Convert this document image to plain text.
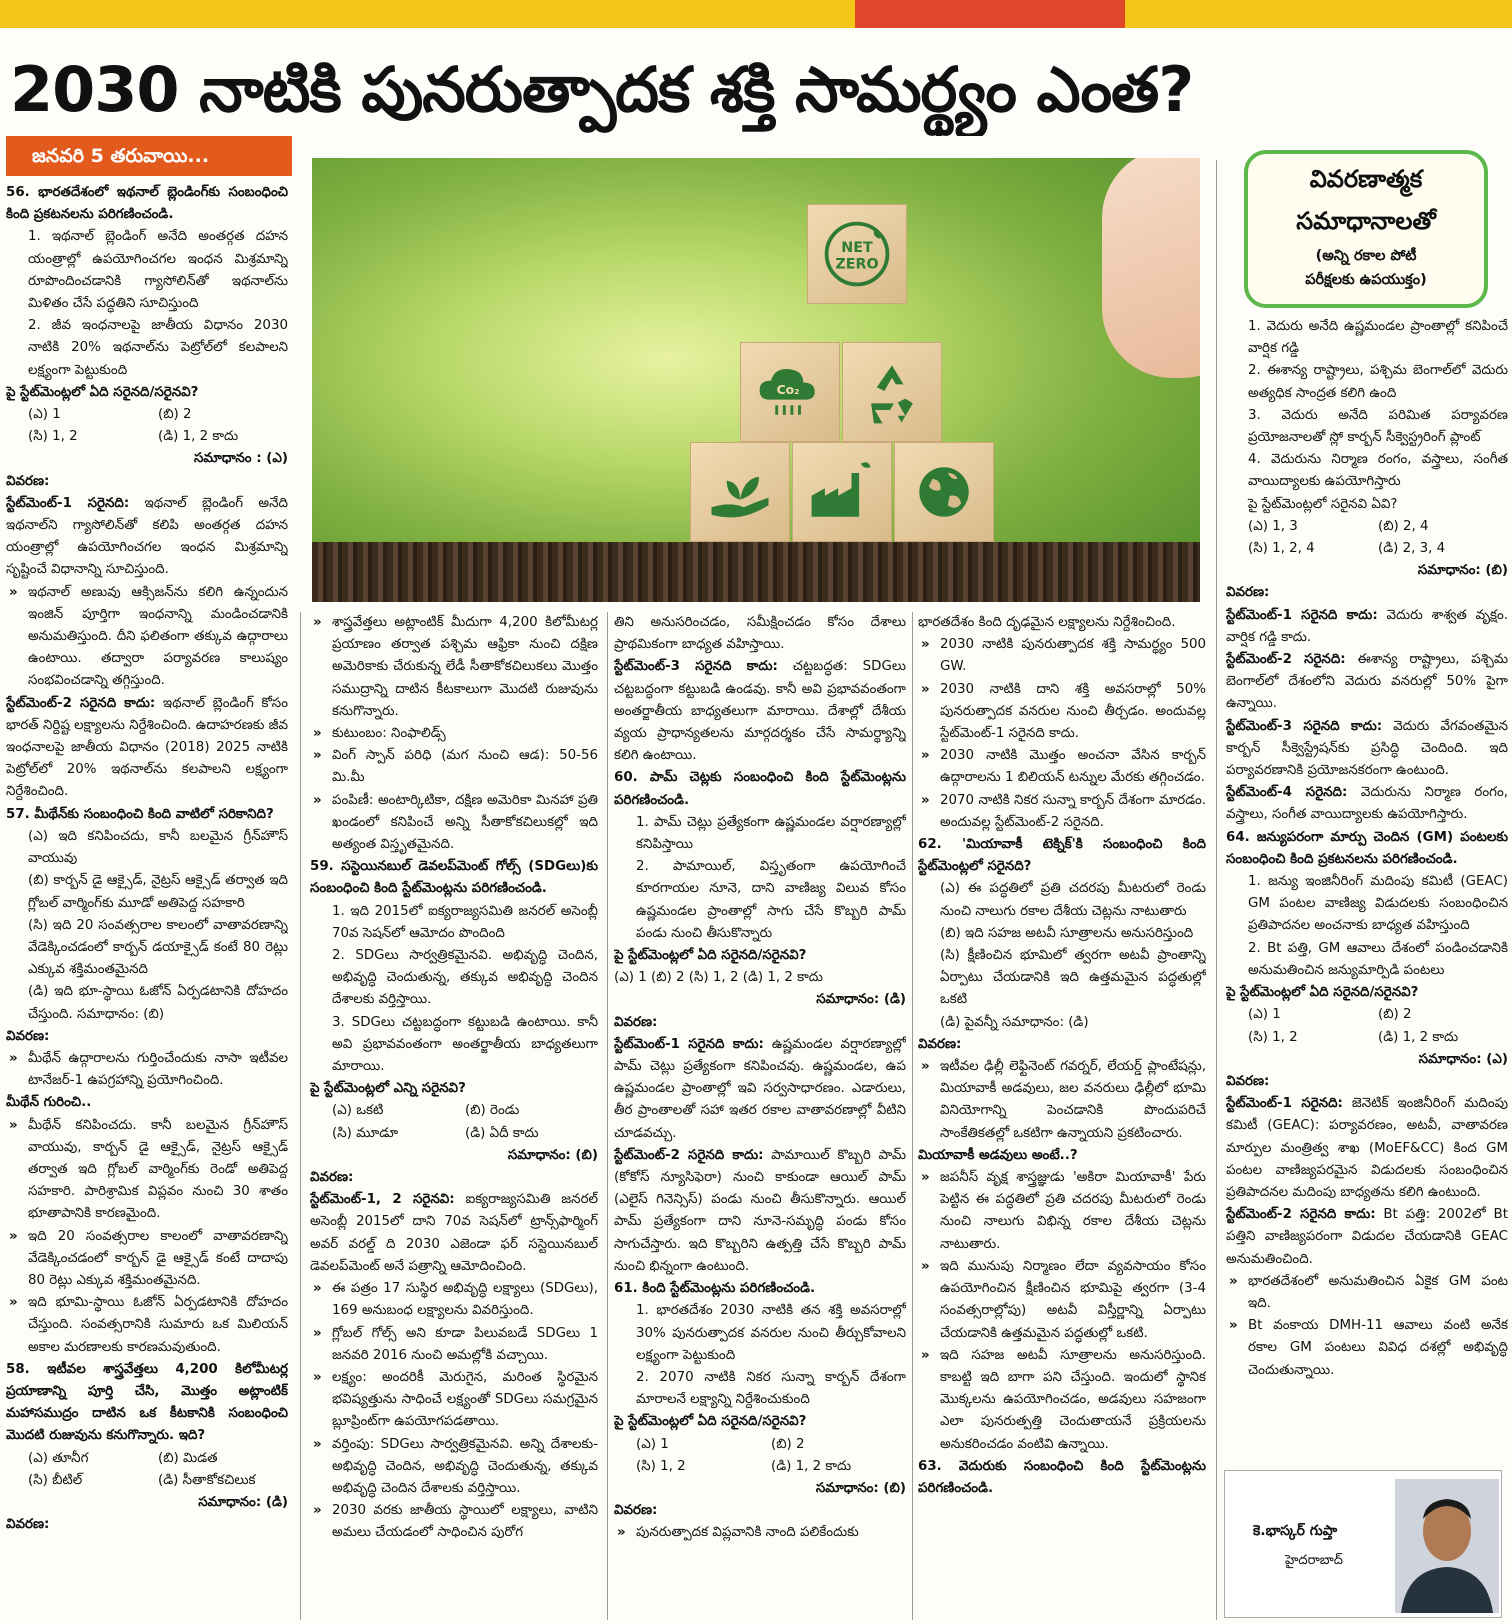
2030 నాటికి పునరుత్పాదక శక్తి సామర్థ్యం ఎంత?
జనవరి 5 తరువాయి...
NET
ZERO
Co₂
వివరణాత్మక
సమాధానాలతో
(అన్ని రకాల పోటీ
పరీక్షలకు ఉపయుక్తం)

56. భారతదేశంలో ఇథనాల్ బ్లెండింగ్‌కు సంబంధించి కింది ప్రకటనలను పరిగణించండి.

1. ఇథనాల్ బ్లెండింగ్ అనేది అంతర్గత దహన యంత్రాల్లో ఉపయోగించగల ఇంధన మిశ్రమాన్ని రూపొందించడానికి గ్యాసోలిన్‌తో ఇథనాల్‌ను మిళితం చేసే పద్ధతిని సూచిస్తుంది

2. జీవ ఇంధనాలపై జాతీయ విధానం 2030 నాటికి 20% ఇథనాల్‌ను పెట్రోల్‌లో కలపాలని లక్ష్యంగా పెట్టుకుంది

పై స్టేట్‌మెంట్లలో ఏది సరైనది/సరైనవి?

(ఎ) 1	(బి) 2

(సి) 1, 2	(డి) 1, 2 కాదు

సమాధానం : (ఎ)

వివరణ:

స్టేట్‌మెంట్-1 సరైనది: ఇథనాల్ బ్లెండింగ్ అనేది ఇథనాల్‌ని గ్యాసోలిన్‌తో కలిపి అంతర్గత దహన యంత్రాల్లో ఉపయోగించగల ఇంధన మిశ్రమాన్ని సృష్టించే విధానాన్ని సూచిస్తుంది.

» ఇథనాల్ అణువు ఆక్సిజన్‌ను కలిగి ఉన్నందున ఇంజిన్ పూర్తిగా ఇంధనాన్ని మండించడానికి అనుమతిస్తుంది. దీని ఫలితంగా తక్కువ ఉద్గారాలు ఉంటాయి. తద్వారా పర్యావరణ కాలుష్యం సంభవించడాన్ని తగ్గిస్తుంది.

స్టేట్‌మెంట్-2 సరైనది కాదు: ఇథనాల్ బ్లెండింగ్ కోసం భారత్ నిర్దిష్ట లక్ష్యాలను నిర్దేశించింది. ఉదాహరణకు జీవ ఇంధనాలపై జాతీయ విధానం (2018) 2025 నాటికి పెట్రోల్‌లో 20% ఇథనాల్‌ను కలపాలని లక్ష్యంగా నిర్దేశించింది.

57. మీథేన్‌కు సంబంధించి కింది వాటిలో సరికానిది?

(ఎ) ఇది కనిపించదు, కానీ బలమైన గ్రీన్‌హౌస్ వాయువు

(బి) కార్బన్ డై ఆక్సైడ్, నైట్రస్ ఆక్సైడ్ తర్వాత ఇది గ్లోబల్ వార్మింగ్‌కు మూడో అతిపెద్ద సహకారి

(సి) ఇది 20 సంవత్సరాల కాలంలో వాతావరణాన్ని వేడెక్కించడంలో కార్బన్ డయాక్సైడ్ కంటే 80 రెట్లు ఎక్కువ శక్తిమంతమైనది

(డి) ఇది భూ-స్థాయి ఓజోన్ ఏర్పడటానికి దోహదం చేస్తుంది. సమాధానం: (బి)

వివరణ:

» మీథేన్ ఉద్గారాలను గుర్తించేందుకు నాసా ఇటీవల టానేజర్-1 ఉపగ్రహాన్ని ప్రయోగించింది.

మీథేన్ గురించి..

» మీథేన్ కనిపించదు. కానీ బలమైన గ్రీన్‌హౌస్ వాయువు, కార్బన్ డై ఆక్సైడ్, నైట్రస్ ఆక్సైడ్ తర్వాత ఇది గ్లోబల్ వార్మింగ్‌కు రెండో అతిపెద్ద సహకారి. పారిశ్రామిక విప్లవం నుంచి 30 శాతం భూతాపానికి కారణమైంది.

» ఇది 20 సంవత్సరాల కాలంలో వాతావరణాన్ని వేడెక్కించడంలో కార్బన్ డై ఆక్సైడ్ కంటే దాదాపు 80 రెట్లు ఎక్కువ శక్తిమంతమైనది.

» ఇది భూమి-స్థాయి ఓజోన్ ఏర్పడటానికి దోహదం చేస్తుంది. సంవత్సరానికి సుమారు ఒక మిలియన్ అకాల మరణాలకు కారణమవుతుంది.

58. ఇటీవల శాస్త్రవేత్తలు 4,200 కిలోమీటర్ల ప్రయాణాన్ని పూర్తి చేసి, మొత్తం అట్లాంటిక్ మహాసముద్రం దాటిన ఒక కీటకానికి సంబంధించి మొదటి రుజువును కనుగొన్నారు. ఇది?

(ఎ) తూనీగ	(బి) మిడత

(సి) బీటిల్	(డి) సీతాకోకచిలుక

సమాధానం: (డి)

వివరణ:

» శాస్త్రవేత్తలు అట్లాంటిక్ మీదుగా 4,200 కిలోమీటర్ల ప్రయాణం తర్వాత పశ్చిమ ఆఫ్రికా నుంచి దక్షిణ అమెరికాకు చేరుకున్న లేడీ సీతాకోకచిలుకలు మొత్తం సముద్రాన్ని దాటిన కీటకాలుగా మొదటి రుజువును కనుగొన్నారు.

» కుటుంబం: నింఫాలిడ్స్

» వింగ్ స్పాన్ పరిధి (మగ నుంచి ఆడ): 50-56 మి.మీ

» పంపిణీ: అంటార్కిటికా, దక్షిణ అమెరికా మినహా ప్రతి ఖండంలో కనిపించే అన్ని సీతాకోకచిలుకల్లో ఇది అత్యంత విస్తృతమైనది.

59. సస్టెయినబుల్ డెవలప్‌మెంట్ గోల్స్ (SDGలు)కు సంబంధించి కింది స్టేట్‌మెంట్లను పరిగణించండి.

1. ఇది 2015లో ఐక్యరాజ్యసమితి జనరల్ అసెంబ్లీ 70వ సెషన్‌లో ఆమోదం పొందింది

2. SDGలు సార్వత్రికమైనవి. అభివృద్ధి చెందిన, అభివృద్ధి చెందుతున్న, తక్కువ అభివృద్ధి చెందిన దేశాలకు వర్తిస్తాయి.

3. SDGలు చట్టబద్ధంగా కట్టుబడి ఉంటాయి. కానీ అవి ప్రభావవంతంగా అంతర్జాతీయ బాధ్యతలుగా మారాయి.

పై స్టేట్‌మెంట్లలో ఎన్ని సరైనవి?

(ఎ) ఒకటి	(బి) రెండు

(సి) మూడూ	(డి) ఏదీ కాదు

సమాధానం: (బి)

వివరణ:

స్టేట్‌మెంట్-1, 2 సరైనవి: ఐక్యరాజ్యసమితి జనరల్ అసెంబ్లీ 2015లో దాని 70వ సెషన్‌లో ట్రాన్స్‌ఫార్మింగ్ అవర్ వరల్డ్ ది 2030 ఎజెండా ఫర్ సస్టెయినబుల్ డెవలప్‌మెంట్ అనే పత్రాన్ని ఆమోదించింది.

» ఈ పత్రం 17 సుస్థిర అభివృద్ధి లక్ష్యాలు (SDGలు), 169 అనుబంధ లక్ష్యాలను వివరిస్తుంది.

» గ్లోబల్ గోల్స్ అని కూడా పిలువబడే SDGలు 1 జనవరి 2016 నుంచి అమల్లోకి వచ్చాయి.

» లక్ష్యం: అందరికీ మెరుగైన, మరింత స్థిరమైన భవిష్యత్తును సాధించే లక్ష్యంతో SDGలు సమగ్రమైన బ్లూప్రింట్‌గా ఉపయోగపడతాయి.

» వర్తింపు: SDGలు సార్వత్రికమైనవి. అన్ని దేశాలకు-అభివృద్ధి చెందిన, అభివృద్ధి చెందుతున్న, తక్కువ అభివృద్ధి చెందిన దేశాలకు వర్తిస్తాయి.

» 2030 వరకు జాతీయ స్థాయిలో లక్ష్యాలు, వాటిని అమలు చేయడంలో సాధించిన పురోగ

తిని అనుసరించడం, సమీక్షించడం కోసం దేశాలు ప్రాథమికంగా బాధ్యత వహిస్తాయి.

స్టేట్‌మెంట్-3 సరైనది కాదు: చట్టబద్ధత: SDGలు చట్టబద్ధంగా కట్టుబడి ఉండవు. కానీ అవి ప్రభావవంతంగా అంతర్జాతీయ బాధ్యతలుగా మారాయి. దేశాల్లో దేశీయ వ్యయ ప్రాధాన్యతలను మార్గదర్శకం చేసే సామర్థ్యాన్ని కలిగి ఉంటాయి.

60. పామ్ చెట్లకు సంబంధించి కింది స్టేట్‌మెంట్లను పరిగణించండి.

1. పామ్ చెట్లు ప్రత్యేకంగా ఉష్ణమండల వర్షారణ్యాల్లో కనిపిస్తాయి

2. పామాయిల్, విస్తృతంగా ఉపయోగించే కూరగాయల నూనె, దాని వాణిజ్య విలువ కోసం ఉష్ణమండల ప్రాంతాల్లో సాగు చేసే కొబ్బరి పామ్ పండు నుంచి తీసుకొన్నారు

పై స్టేట్‌మెంట్లలో ఏది సరైనది/సరైనవి?

(ఎ) 1 (బి) 2 (సి) 1, 2 (డి) 1, 2 కాదు

సమాధానం: (డి)

వివరణ:

స్టేట్‌మెంట్-1 సరైనది కాదు: ఉష్ణమండల వర్షారణ్యాల్లో పామ్ చెట్లు ప్రత్యేకంగా కనిపించవు. ఉష్ణమండల, ఉప ఉష్ణమండల ప్రాంతాల్లో ఇవి సర్వసాధారణం. ఎడారులు, తీర ప్రాంతాలతో సహా ఇతర రకాల వాతావరణాల్లో వీటిని చూడవచ్చు.

స్టేట్‌మెంట్-2 సరైనది కాదు: పామాయిల్ కొబ్బరి పామ్ (కోకోస్ న్యూసిఫెరా) నుంచి కాకుండా ఆయిల్ పామ్ (ఎలైస్ గినెన్సిస్) పండు నుంచి తీసుకొన్నారు. ఆయిల్ పామ్ ప్రత్యేకంగా దాని నూనె-సమృద్ధి పండు కోసం సాగుచేస్తారు. ఇది కొబ్బరిని ఉత్పత్తి చేసే కొబ్బరి పామ్ నుంచి భిన్నంగా ఉంటుంది.

61. కింది స్టేట్‌మెంట్లను పరిగణించండి.

1. భారతదేశం 2030 నాటికి తన శక్తి అవసరాల్లో 30% పునరుత్పాదక వనరుల నుంచి తీర్చుకోవాలని లక్ష్యంగా పెట్టుకుంది

2. 2070 నాటికి నికర సున్నా కార్బన్ దేశంగా మారాలనే లక్ష్యాన్ని నిర్దేశించుకుంది

పై స్టేట్‌మెంట్లలో ఏది సరైనది/సరైనవి?

(ఎ) 1	(బి) 2

(సి) 1, 2	(డి) 1, 2 కాదు

సమాధానం: (బి)

వివరణ:

» పునరుత్పాదక విప్లవానికి నాంది పలికేందుకు

భారతదేశం కింది దృఢమైన లక్ష్యాలను నిర్దేశించింది.

» 2030 నాటికి పునరుత్పాదక శక్తి సామర్థ్యం 500 GW.

» 2030 నాటికి దాని శక్తి అవసరాల్లో 50% పునరుత్పాదక వనరుల నుంచి తీర్చడం. అందువల్ల స్టేట్‌మెంట్-1 సరైనది కాదు.

» 2030 నాటికి మొత్తం అంచనా వేసిన కార్బన్ ఉద్గారాలను 1 బిలియన్ టన్నుల మేరకు తగ్గించడం.

» 2070 నాటికి నికర సున్నా కార్బన్ దేశంగా మారడం. అందువల్ల స్టేట్‌మెంట్-2 సరైనది.

62. 'మియావాకీ టెక్నిక్'కి సంబంధించి కింది స్టేట్‌మెంట్లలో సరైనది?

(ఎ) ఈ పద్ధతిలో ప్రతి చదరపు మీటరులో రెండు నుంచి నాలుగు రకాల దేశీయ చెట్లను నాటుతారు

(బి) ఇది సహజ అటవీ సూత్రాలను అనుసరిస్తుంది

(సి) క్షీణించిన భూమిలో త్వరగా అటవీ ప్రాంతాన్ని ఏర్పాటు చేయడానికి ఇది ఉత్తమమైన పద్ధతుల్లో ఒకటి

(డి) పైవన్నీ సమాధానం: (డి)

వివరణ:

» ఇటీవల ఢిల్లీ లెఫ్టినెంట్ గవర్నర్, లేయర్డ్ ప్లాంటేషన్లు, మియావాకీ అడవులు, జల వనరులు ఢిల్లీలో భూమి వినియోగాన్ని పెంచడానికి పొందుపరిచే సాంకేతికతల్లో ఒకటిగా ఉన్నాయని ప్రకటించారు.

మియావాకీ అడవులు అంటే..?

» జపనీస్ వృక్ష శాస్త్రజ్ఞుడు 'అకిరా మియావాకీ' పేరు పెట్టిన ఈ పద్ధతిలో ప్రతి చదరపు మీటరులో రెండు నుంచి నాలుగు విభిన్న రకాల దేశీయ చెట్లను నాటుతారు.

» ఇది మునుపు నిర్మాణం లేదా వ్యవసాయం కోసం ఉపయోగించిన క్షీణించిన భూమిపై త్వరగా (3-4 సంవత్సరాల్లోపు) అటవీ విస్తీర్ణాన్ని ఏర్పాటు చేయడానికి ఉత్తమమైన పద్ధతుల్లో ఒకటి.

» ఇది సహజ అటవీ సూత్రాలను అనుసరిస్తుంది. కాబట్టి ఇది బాగా పని చేస్తుంది. ఇందులో స్థానిక మొక్కలను ఉపయోగించడం, అడవులు సహజంగా ఎలా పునరుత్పత్తి చెందుతాయనే ప్రక్రియలను అనుకరించడం వంటివి ఉన్నాయి.

63. వెదురుకు సంబంధించి కింది స్టేట్‌మెంట్లను పరిగణించండి.

1. వెదురు అనేది ఉష్ణమండల ప్రాంతాల్లో కనిపించే వార్షిక గడ్డి

2. ఈశాన్య రాష్ట్రాలు, పశ్చిమ బెంగాల్‌లో వెదురు అత్యధిక సాంద్రత కలిగి ఉంది

3. వెదురు అనేది పరిమిత పర్యావరణ ప్రయోజనాలతో స్లో కార్బన్ సీక్వెస్ట్రరింగ్ ప్లాంట్

4. వెదురును నిర్మాణ రంగం, వస్త్రాలు, సంగీత వాయిద్యాలకు ఉపయోగిస్తారు

పై స్టేట్‌మెంట్లలో సరైనవి ఏవి?

(ఎ) 1, 3	(బి) 2, 4

(సి) 1, 2, 4	(డి) 2, 3, 4

సమాధానం: (బి)

వివరణ:

స్టేట్‌మెంట్-1 సరైనది కాదు: వెదురు శాశ్వత వృక్షం. వార్షిక గడ్డి కాదు.

స్టేట్‌మెంట్-2 సరైనది: ఈశాన్య రాష్ట్రాలు, పశ్చిమ బెంగాల్‌లో దేశంలోని వెదురు వనరుల్లో 50% పైగా ఉన్నాయి.

స్టేట్‌మెంట్-3 సరైనది కాదు: వెదురు వేగవంతమైన కార్బన్ సీక్వెస్ట్రేషన్‌కు ప్రసిద్ధి చెందింది. ఇది పర్యావరణానికి ప్రయోజనకరంగా ఉంటుంది.

స్టేట్‌మెంట్-4 సరైనది: వెదురును నిర్మాణ రంగం, వస్త్రాలు, సంగీత వాయిద్యాలకు ఉపయోగిస్తారు.

64. జన్యుపరంగా మార్పు చెందిన (GM) పంటలకు సంబంధించి కింది ప్రకటనలను పరిగణించండి.

1. జన్యు ఇంజినీరింగ్ మదింపు కమిటీ (GEAC) GM పంటల వాణిజ్య విడుదలకు సంబంధించిన ప్రతిపాదనల అంచనాకు బాధ్యత వహిస్తుంది

2. Bt పత్తి, GM ఆవాలు దేశంలో పండించడానికి అనుమతించిన జన్యుమార్పిడి పంటలు

పై స్టేట్‌మెంట్లలో ఏది సరైనది/సరైనవి?

(ఎ) 1	(బి) 2

(సి) 1, 2	(డి) 1, 2 కాదు

సమాధానం: (ఎ)

వివరణ:

స్టేట్‌మెంట్-1 సరైనది: జెనెటిక్ ఇంజినీరింగ్ మదింపు కమిటీ (GEAC): పర్యావరణం, అటవీ, వాతావరణ మార్పుల మంత్రిత్వ శాఖ (MoEF&CC) కింద GM పంటల వాణిజ్యపరమైన విడుదలకు సంబంధించిన ప్రతిపాదనల మదింపు బాధ్యతను కలిగి ఉంటుంది.

స్టేట్‌మెంట్-2 సరైనది కాదు: Bt పత్తి: 2002లో Bt పత్తిని వాణిజ్యపరంగా విడుదల చేయడానికి GEAC అనుమతించింది.

» భారతదేశంలో అనుమతించిన ఏకైక GM పంట ఇది.

» Bt వంకాయ DMH-11 ఆవాలు వంటి అనేక రకాల GM పంటలు వివిధ దశల్లో అభివృద్ధి చెందుతున్నాయి.

కె.భాస్కర్ గుప్తా
హైదరాబాద్
